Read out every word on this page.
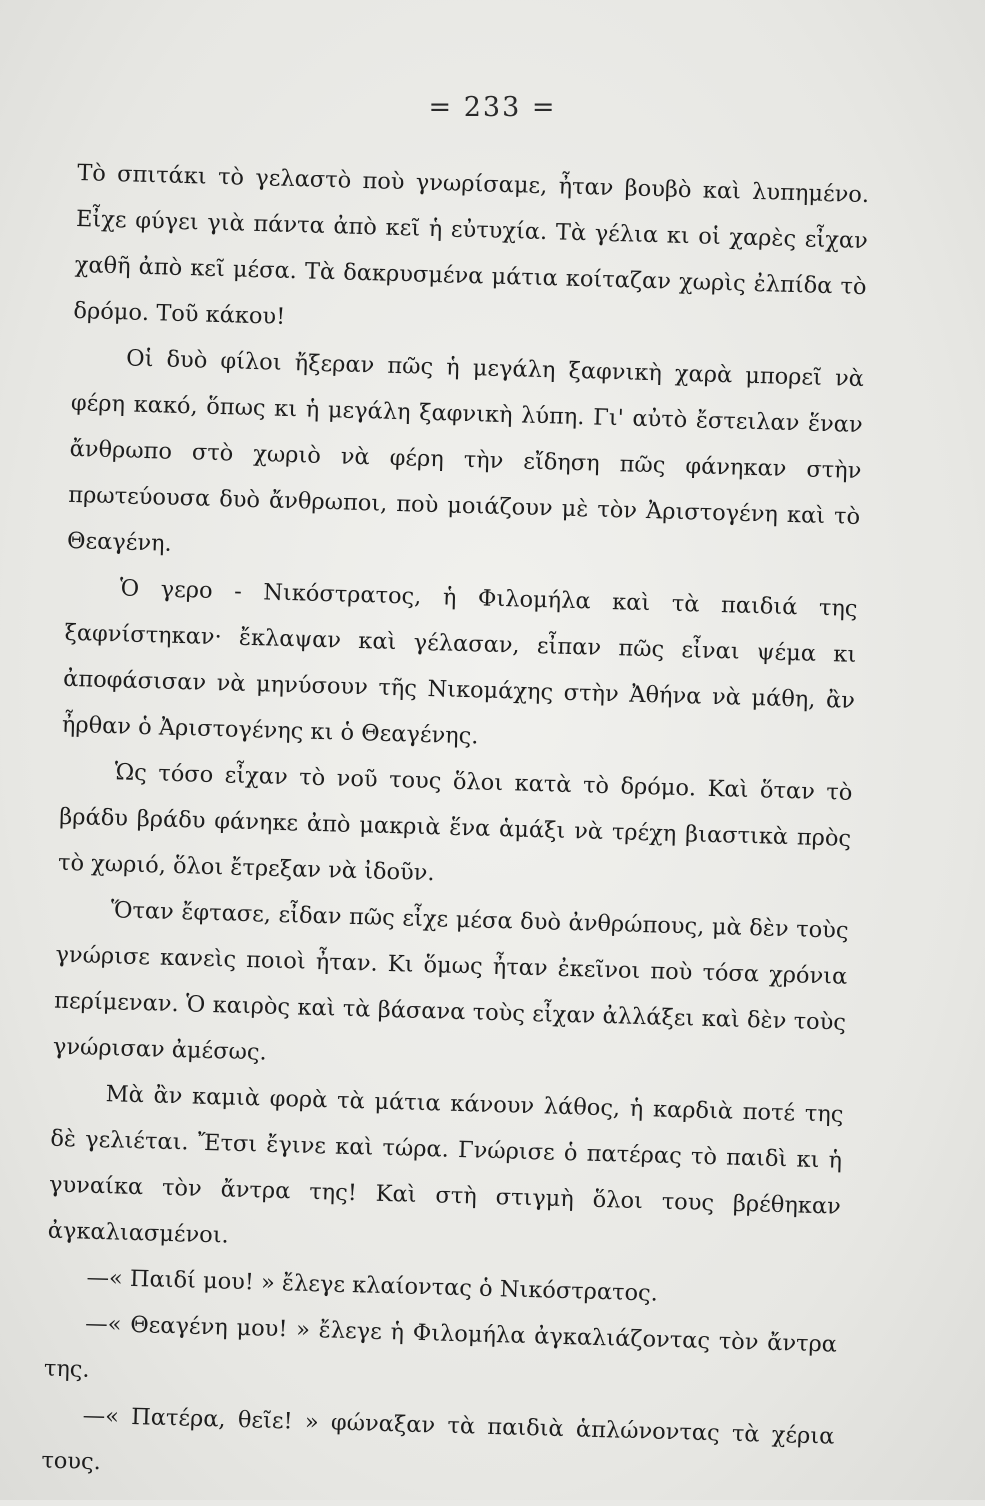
= 233 =

Τὸ σπιτάκι τὸ γελαστὸ ποὺ γνωρίσαμε, ἦταν βουβὸ καὶ λυπημένο. Εἶχε φύγει γιὰ πάντα ἀπὸ κεῖ ἡ εὐτυχία. Τὰ γέλια κι οἱ χαρὲς εἶχαν χαθῆ ἀπὸ κεῖ μέσα. Τὰ δακρυσμένα μάτια κοίταζαν χωρὶς ἐλπίδα τὸ δρόμο. Τοῦ κάκου!

Οἱ δυὸ φίλοι ἤξεραν πῶς ἡ μεγάλη ξαφνικὴ χαρὰ μπορεῖ νὰ φέρη κακό, ὅπως κι ἡ μεγάλη ξαφνικὴ λύπη. Γι' αὐτὸ ἔστειλαν ἕναν ἄνθρωπο στὸ χωριὸ νὰ φέρη τὴν εἴδηση πῶς φάνηκαν στὴν πρωτεύουσα δυὸ ἄνθρωποι, ποὺ μοιάζουν μὲ τὸν Ἀριστογένη καὶ τὸ Θεαγένη.

Ὁ γερο - Νικόστρατος, ἡ Φιλομήλα καὶ τὰ παιδιά της ξαφνίστηκαν· ἔκλαψαν καὶ γέλασαν, εἶπαν πῶς εἶναι ψέμα κι ἀποφάσισαν νὰ μηνύσουν τῆς Νικομάχης στὴν Ἀθήνα νὰ μάθη, ἂν ἦρθαν ὁ Ἀριστογένης κι ὁ Θεαγένης.

Ὡς τόσο εἶχαν τὸ νοῦ τους ὅλοι κατὰ τὸ δρόμο. Καὶ ὅταν τὸ βράδυ βράδυ φάνηκε ἀπὸ μακριὰ ἕνα ἁμάξι νὰ τρέχη βιαστικὰ πρὸς τὸ χωριό, ὅλοι ἔτρεξαν νὰ ἰδοῦν.

Ὅταν ἔφτασε, εἶδαν πῶς εἶχε μέσα δυὸ ἀνθρώπους, μὰ δὲν τοὺς γνώρισε κανεὶς ποιοὶ ἦταν. Κι ὅμως ἦταν ἐκεῖνοι ποὺ τόσα χρόνια περίμεναν. Ὁ καιρὸς καὶ τὰ βάσανα τοὺς εἶχαν ἀλλάξει καὶ δὲν τοὺς γνώρισαν ἀμέσως.

Μὰ ἂν καμιὰ φορὰ τὰ μάτια κάνουν λάθος, ἡ καρδιὰ ποτέ της δὲ γελιέται. Ἔτσι ἔγινε καὶ τώρα. Γνώρισε ὁ πατέρας τὸ παιδὶ κι ἡ γυναίκα τὸν ἄντρα της! Καὶ στὴ στιγμὴ ὅλοι τους βρέθηκαν ἀγκαλιασμένοι.

—« Παιδί μου! » ἔλεγε κλαίοντας ὁ Νικόστρατος.

—« Θεαγένη μου! » ἔλεγε ἡ Φιλομήλα ἀγκαλιάζοντας τὸν ἄντρα της.

—« Πατέρα, θεῖε! » φώναξαν τὰ παιδιὰ ἁπλώνοντας τὰ χέρια τους.
